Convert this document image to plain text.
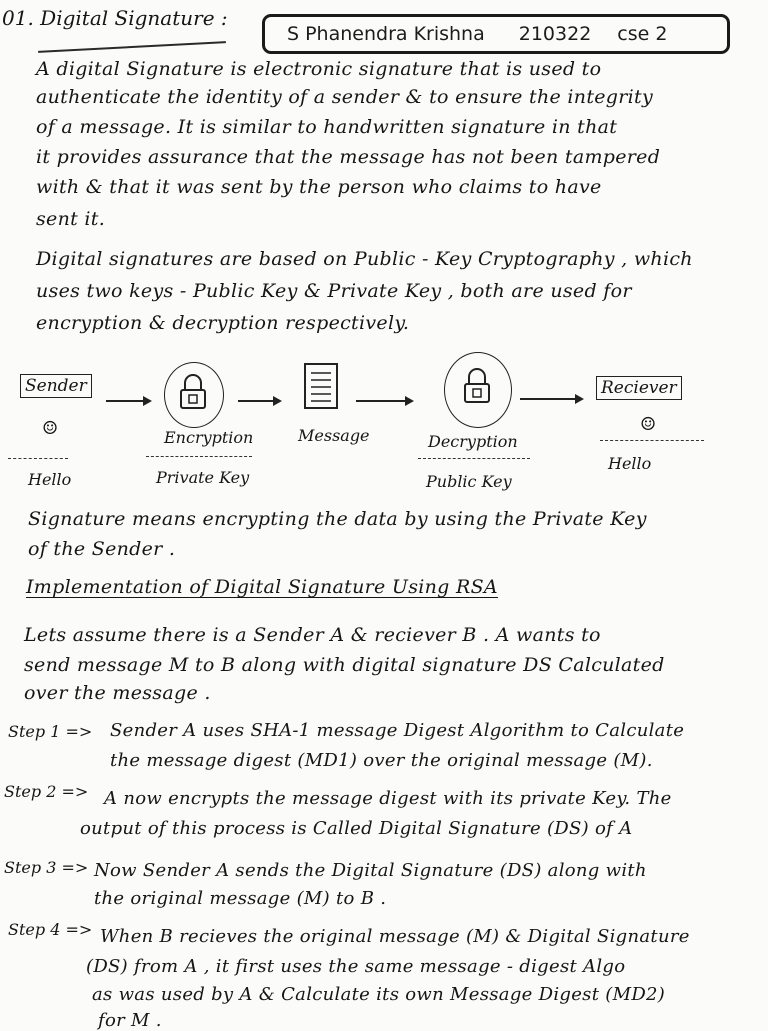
01. Digital Signature :
S Phanendra Krishna 210322 cse 2
A digital Signature is electronic signature that is used to
authenticate the identity of a sender & to ensure the integrity
of a message. It is similar to handwritten signature in that
it provides assurance that the message has not been tampered
with & that it was sent by the person who claims to have
sent it.
Digital signatures are based on Public - Key Cryptography , which
uses two keys - Public Key & Private Key , both are used for
encryption & decryption respectively.
Sender
☺
Reciever
☺
Encryption	Message	Decryption
Hello	Private Key	Public Key
Hello
Signature means encrypting the data by using the Private Key
of the Sender .
Implementation of Digital Signature Using RSA
Lets assume there is a Sender A & reciever B . A wants to
send message M to B along with digital signature DS Calculated
over the message .
Step 1 => Sender A uses SHA-1 message Digest Algorithm to Calculate
the message digest (MD1) over the original message (M).
Step 2 => A now encrypts the message digest with its private Key. The
output of this process is Called Digital Signature (DS) of A
Step 3 => Now Sender A sends the Digital Signature (DS) along with
the original message (M) to B .
Step 4 => When B recieves the original message (M) & Digital Signature
(DS) from A , it first uses the same message - digest Algo
as was used by A & Calculate its own Message Digest (MD2)
for M .
